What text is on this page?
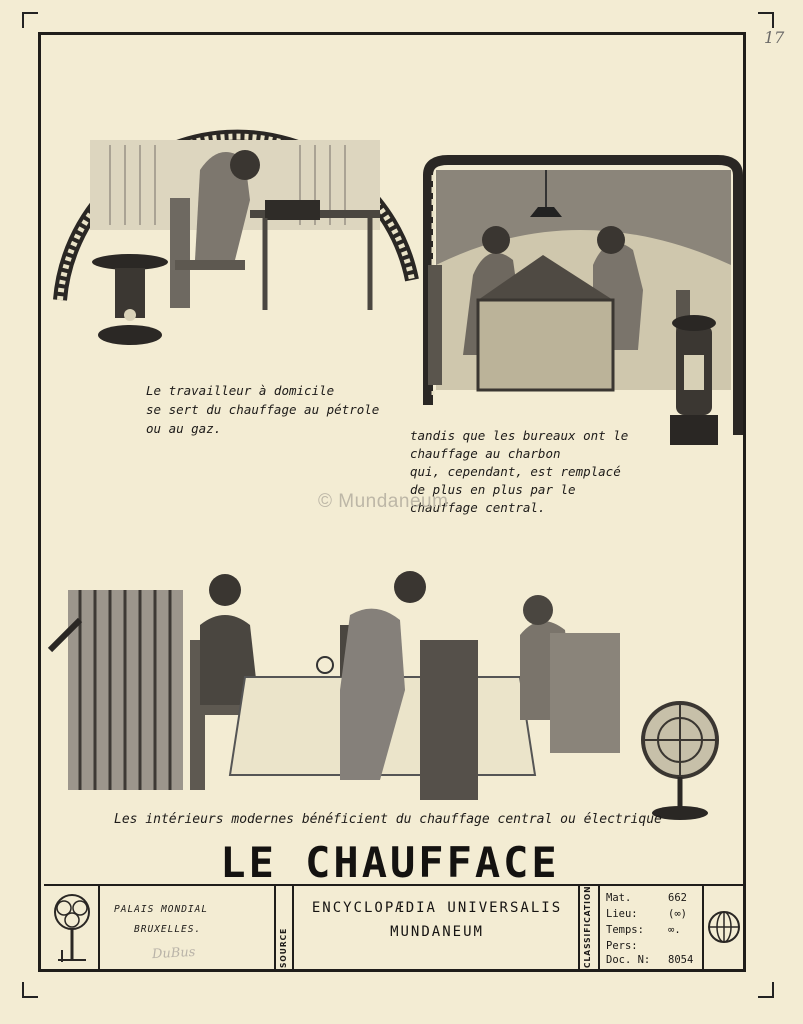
17
Le travailleur à domicile
se sert du chauffage au pétrole
ou au gaz.	tandis que les bureaux ont le
chauffage au charbon
qui, cependant, est remplacé
de plus en plus par le
chauffage central.
© Mundaneum
Les intérieurs modernes bénéficient du chauffage central ou électrique
LE CHAUFFACE
PALAIS MONDIAL
BRUXELLES.
DuBus	SOURCE
ENCYCLOPÆDIA UNIVERSALIS
MUNDANEUM	CLASSIFICATION Mat.	662
Lieu:	(∞)
Temps: ∞.
Pers:
Doc. N: 8054
